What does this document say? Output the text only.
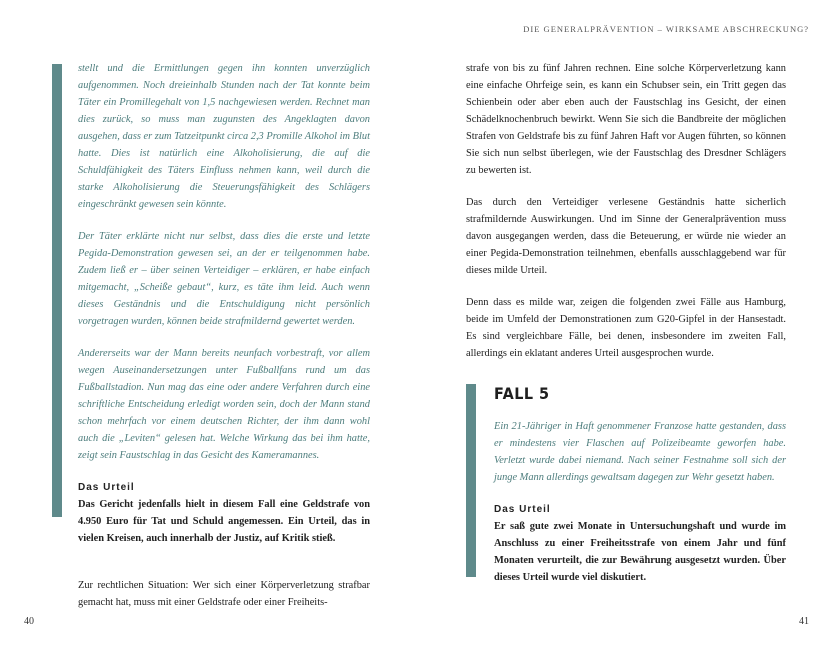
DIE GENERALPRÄVENTION – WIRKSAME ABSCHRECKUNG?

stellt und die Ermittlungen gegen ihn konnten unverzüglich aufgenommen. Noch dreieinhalb Stunden nach der Tat konnte beim Täter ein Promillegehalt von 1,5 nachgewiesen werden. Rechnet man dies zurück, so muss man zugunsten des Angeklagten davon ausgehen, dass er zum Tatzeitpunkt circa 2,3 Promille Alkohol im Blut hatte. Dies ist natürlich eine Alkoholisierung, die auf die Schuldfähigkeit des Täters Einfluss nehmen kann, weil durch die starke Alkoholisierung die Steuerungsfähigkeit des Schlägers eingeschränkt gewesen sein könnte.

Der Täter erklärte nicht nur selbst, dass dies die erste und letzte Pegida-Demonstration gewesen sei, an der er teilgenommen habe. Zudem ließ er – über seinen Verteidiger – erklären, er habe einfach mitgemacht, „Scheiße gebaut“, kurz, es täte ihm leid. Auch wenn dieses Geständnis und die Entschuldigung nicht persönlich vorgetragen wurden, können beide strafmildernd gewertet werden.

Andererseits war der Mann bereits neunfach vorbestraft, vor allem wegen Auseinandersetzungen unter Fußballfans rund um das Fußballstadion. Nun mag das eine oder andere Verfahren durch eine schriftliche Entscheidung erledigt worden sein, doch der Mann stand schon mehrfach vor einem deutschen Richter, der ihm dann wohl auch die „Leviten“ gelesen hat. Welche Wirkung das bei ihm hatte, zeigt sein Faustschlag in das Gesicht des Kameramannes.

Das Urteil

Das Gericht jedenfalls hielt in diesem Fall eine Geldstrafe von 4.950 Euro für Tat und Schuld angemessen. Ein Urteil, das in vielen Kreisen, auch innerhalb der Justiz, auf Kritik stieß.

Zur rechtlichen Situation: Wer sich einer Körperverletzung strafbar gemacht hat, muss mit einer Geldstrafe oder einer Freiheits-

strafe von bis zu fünf Jahren rechnen. Eine solche Körperverletzung kann eine einfache Ohrfeige sein, es kann ein Schubser sein, ein Tritt gegen das Schienbein oder aber eben auch der Faustschlag ins Gesicht, der einen Schädelknochenbruch bewirkt. Wenn Sie sich die Bandbreite der möglichen Strafen von Geldstrafe bis zu fünf Jahren Haft vor Augen führten, so können Sie sich nun selbst überlegen, wie der Faustschlag des Dresdner Schlägers zu bewerten ist.

Das durch den Verteidiger verlesene Geständnis hatte sicherlich strafmildernde Auswirkungen. Und im Sinne der Generalprävention muss davon ausgegangen werden, dass die Beteuerung, er würde nie wieder an einer Pegida-Demonstration teilnehmen, ebenfalls ausschlaggebend war für dieses milde Urteil.

Denn dass es milde war, zeigen die folgenden zwei Fälle aus Hamburg, beide im Umfeld der Demonstrationen zum G20-Gipfel in der Hansestadt. Es sind vergleichbare Fälle, bei denen, insbesondere im zweiten Fall, allerdings ein eklatant anderes Urteil ausgesprochen wurde.

FALL 5

Ein 21-Jähriger in Haft genommener Franzose hatte gestanden, dass er mindestens vier Flaschen auf Polizeibeamte geworfen habe. Verletzt wurde dabei niemand. Nach seiner Festnahme soll sich der junge Mann allerdings gewaltsam dagegen zur Wehr gesetzt haben.

Das Urteil

Er saß gute zwei Monate in Untersuchungshaft und wurde im Anschluss zu einer Freiheitsstrafe von einem Jahr und fünf Monaten verurteilt, die zur Bewährung ausgesetzt wurden. Über dieses Urteil wurde viel diskutiert.

40	41
